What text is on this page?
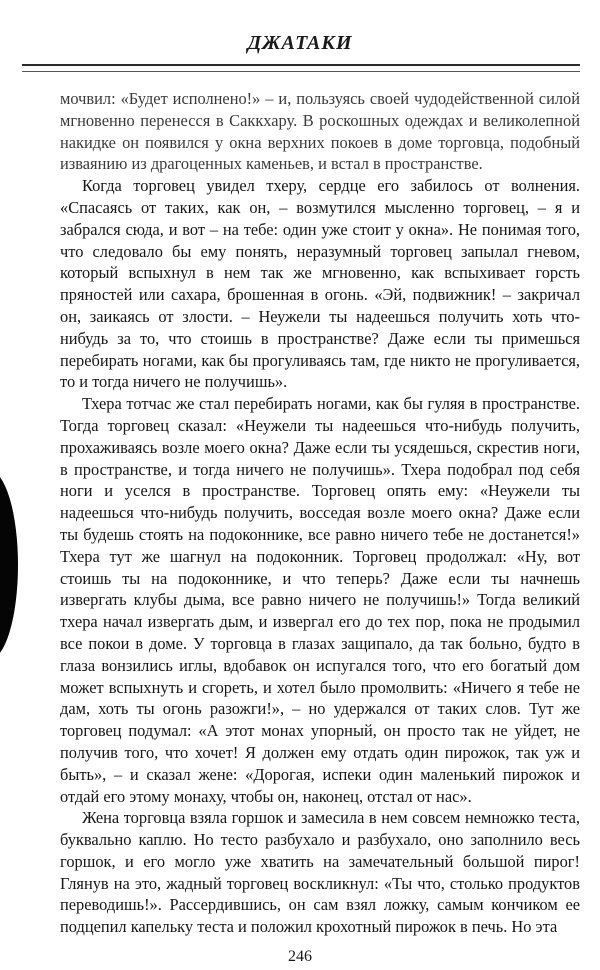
ДЖАТАКИ

мочвил: «Будет исполнено!» – и, пользуясь своей чудодейственной силой мгновенно перенесся в Саккхару. В роскошных одеждах и великолепной накидке он появился у окна верхних покоев в доме торговца, подобный изваянию из драгоценных каменьев, и встал в пространстве.

Когда торговец увидел тхеру, сердце его забилось от волнения. «Спасаясь от таких, как он, – возмутился мысленно торговец, – я и забрался сюда, и вот – на тебе: один уже стоит у окна». Не понимая того, что следовало бы ему понять, неразумный торговец запылал гневом, который вспыхнул в нем так же мгновенно, как вспыхивает горсть пряностей или сахара, брошенная в огонь. «Эй, подвижник! – закричал он, заикаясь от злости. – Неужели ты надеешься получить хоть что-нибудь за то, что стоишь в пространстве? Даже если ты примешься перебирать ногами, как бы прогуливаясь там, где никто не прогуливается, то и тогда ничего не получишь».

Тхера тотчас же стал перебирать ногами, как бы гуляя в пространстве. Тогда торговец сказал: «Неужели ты надеешься что-нибудь получить, прохаживаясь возле моего окна? Даже если ты усядешься, скрестив ноги, в пространстве, и тогда ничего не получишь». Тхера подобрал под себя ноги и уселся в пространстве. Торговец опять ему: «Неужели ты надеешься что-нибудь получить, восседая возле моего окна? Даже если ты будешь стоять на подоконнике, все равно ничего тебе не достанется!» Тхера тут же шагнул на подоконник. Торговец продолжал: «Ну, вот стоишь ты на подоконнике, и что теперь? Даже если ты начнешь извергать клубы дыма, все равно ничего не получишь!» Тогда великий тхера начал извергать дым, и извергал его до тех пор, пока не продымил все покои в доме. У торговца в глазах защипало, да так больно, будто в глаза вонзились иглы, вдобавок он испугался того, что его богатый дом может вспыхнуть и сгореть, и хотел было промолвить: «Ничего я тебе не дам, хоть ты огонь разожги!», – но удержался от таких слов. Тут же торговец подумал: «А этот монах упорный, он просто так не уйдет, не получив того, что хочет! Я должен ему отдать один пирожок, так уж и быть», – и сказал жене: «Дорогая, испеки один маленький пирожок и отдай его этому монаху, чтобы он, наконец, отстал от нас».

Жена торговца взяла горшок и замесила в нем совсем немножко теста, буквально каплю. Но тесто разбухало и разбухало, оно заполнило весь горшок, и его могло уже хватить на замечательный большой пирог! Глянув на это, жадный торговец воскликнул: «Ты что, столько продуктов переводишь!». Рассердившись, он сам взял ложку, самым кончиком ее подцепил капельку теста и положил крохотный пирожок в печь. Но эта

246
